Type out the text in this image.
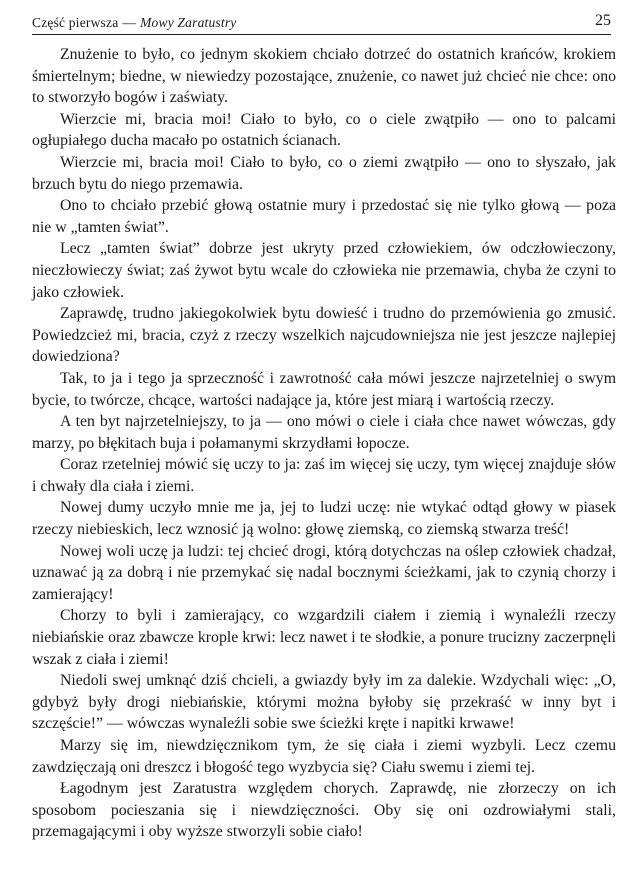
Część pierwsza — Mowy Zaratustry	25

Znużenie to było, co jednym skokiem chciało dotrzeć do ostatnich krańców, krokiem śmiertelnym; biedne, w niewiedzy pozostające, znużenie, co nawet już chcieć nie chce: ono to stworzyło bogów i zaświaty.

Wierzcie mi, bracia moi! Ciało to było, co o ciele zwątpiło — ono to palcami ogłupiałego ducha macało po ostatnich ścianach.

Wierzcie mi, bracia moi! Ciało to było, co o ziemi zwątpiło — ono to słyszało, jak brzuch bytu do niego przemawia.

Ono to chciało przebić głową ostatnie mury i przedostać się nie tylko głową — poza nie w „tamten świat”.

Lecz „tamten świat” dobrze jest ukryty przed człowiekiem, ów odczłowieczony, nieczłowieczy świat; zaś żywot bytu wcale do człowieka nie przemawia, chyba że czyni to jako człowiek.

Zaprawdę, trudno jakiegokolwiek bytu dowieść i trudno do przemówienia go zmusić. Powiedzcież mi, bracia, czyż z rzeczy wszelkich najcudowniejsza nie jest jeszcze najlepiej dowiedziona?

Tak, to ja i tego ja sprzeczność i zawrotność cała mówi jeszcze najrzetelniej o swym bycie, to twórcze, chcące, wartości nadające ja, które jest miarą i wartością rzeczy.

A ten byt najrzetelniejszy, to ja — ono mówi o ciele i ciała chce nawet wówczas, gdy marzy, po błękitach buja i połamanymi skrzydłami łopocze.

Coraz rzetelniej mówić się uczy to ja: zaś im więcej się uczy, tym więcej znajduje słów i chwały dla ciała i ziemi.

Nowej dumy uczyło mnie me ja, jej to ludzi uczę: nie wtykać odtąd głowy w piasek rzeczy niebieskich, lecz wznosić ją wolno: głowę ziemską, co ziemską stwarza treść!

Nowej woli uczę ja ludzi: tej chcieć drogi, którą dotychczas na oślep człowiek chadzał, uznawać ją za dobrą i nie przemykać się nadal bocznymi ścieżkami, jak to czynią chorzy i zamierający!

Chorzy to byli i zamierający, co wzgardzili ciałem i ziemią i wynaleźli rzeczy niebiańskie oraz zbawcze krople krwi: lecz nawet i te słodkie, a ponure trucizny zaczerpnęli wszak z ciała i ziemi!

Niedoli swej umknąć dziś chcieli, a gwiazdy były im za dalekie. Wzdychali więc: „O, gdybyż były drogi niebiańskie, którymi można byłoby się przekraść w inny byt i szczęście!” — wówczas wynaleźli sobie swe ścieżki kręte i napitki krwawe!

Marzy się im, niewdzięcznikom tym, że się ciała i ziemi wyzbyli. Lecz czemu zawdzięczają oni dreszcz i błogość tego wyzbycia się? Ciału swemu i ziemi tej.

Łagodnym jest Zaratustra względem chorych. Zaprawdę, nie złorzeczy on ich sposobom pocieszania się i niewdzięczności. Oby się oni ozdrowiałymi stali, przemagającymi i oby wyższe stworzyli sobie ciało!
